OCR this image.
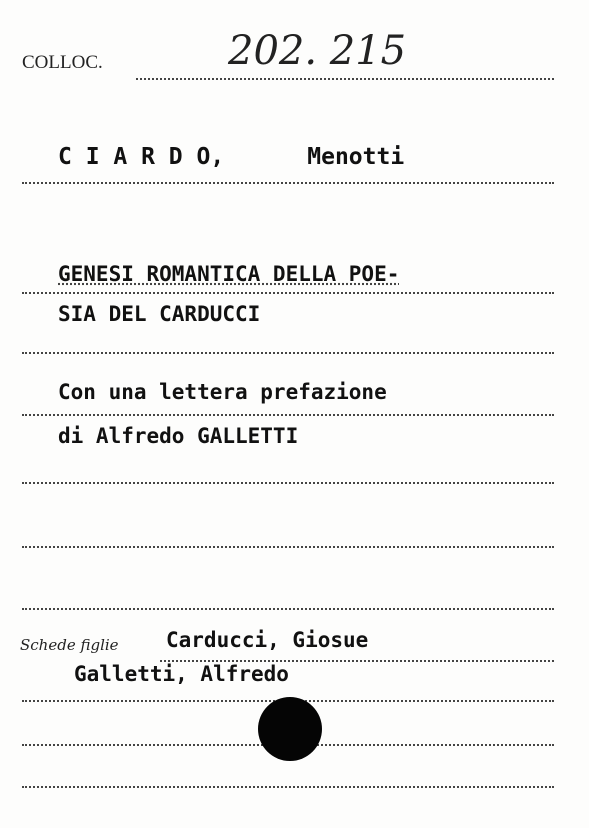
COLLOC.	202. 215
C I A R D O,      Menotti
GENESI ROMANTICA DELLA POE-
SIA DEL CARDUCCI
Con una lettera prefazione
di Alfredo GALLETTI
Schede figlie Carducci, Giosue
Galletti, Alfredo
